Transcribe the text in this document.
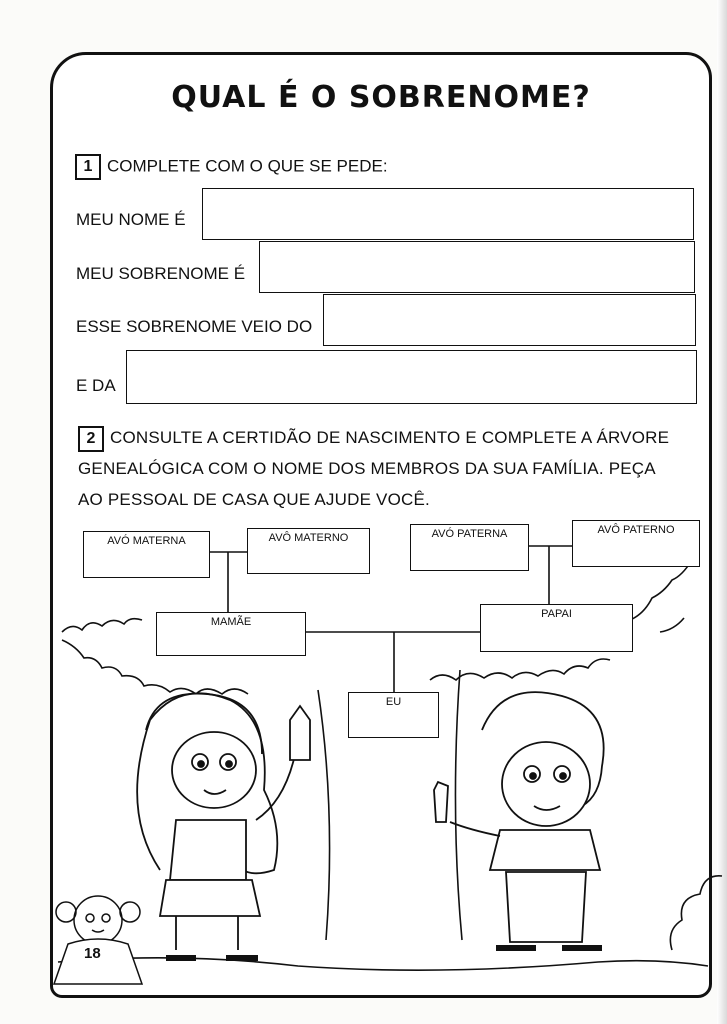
QUAL É O SOBRENOME?
1 COMPLETE COM O QUE SE PEDE:
MEU NOME É
MEU SOBRENOME É
ESSE SOBRENOME VEIO DO
E DA
2 CONSULTE A CERTIDÃO DE NASCIMENTO E COMPLETE A ÁRVORE
GENEALÓGICA COM O NOME DOS MEMBROS DA SUA FAMÍLIA. PEÇA
AO PESSOAL DE CASA QUE AJUDE VOCÊ.
AVÓ MATERNA	AVÔ MATERNO	AVÓ PATERNA	AVÔ PATERNO
MAMÃE
PAPAI
EU
18
